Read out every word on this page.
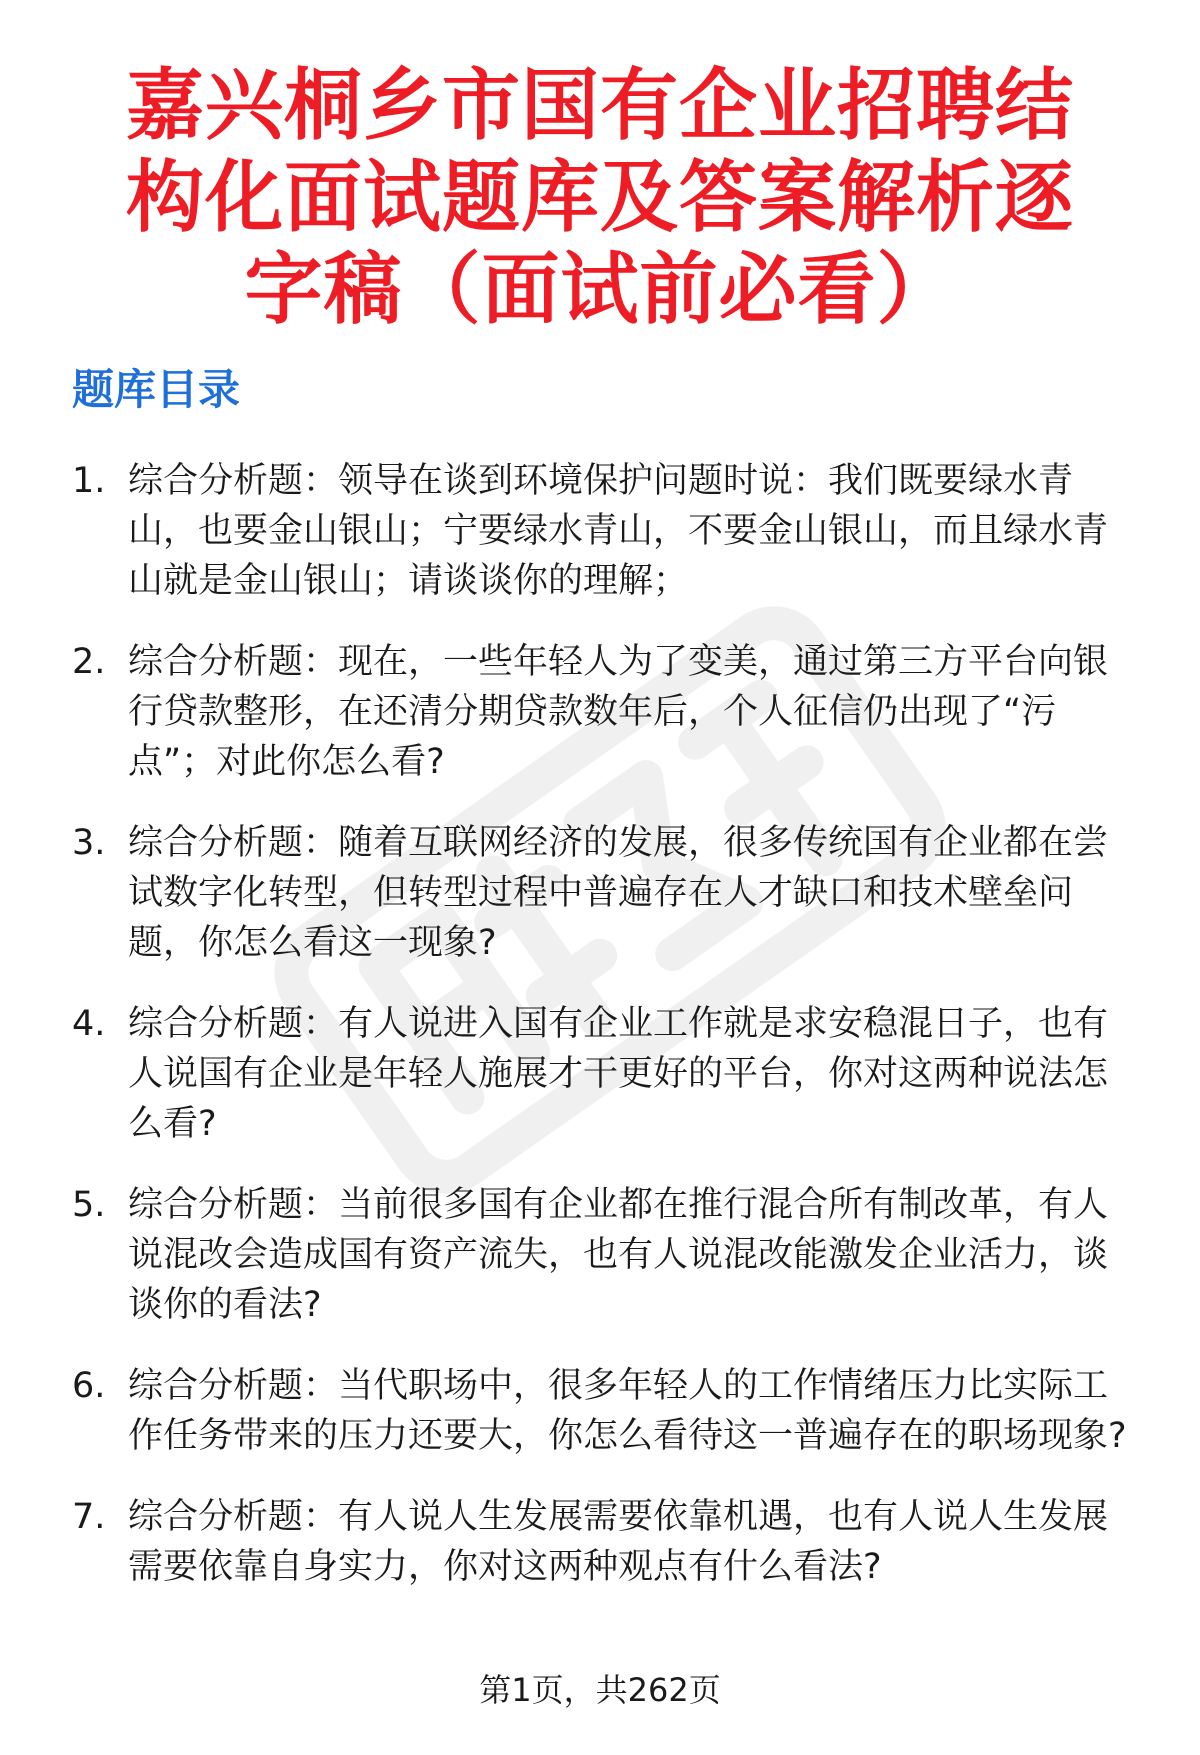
嘉兴桐乡市国有企业招聘结构化面试题库及答案解析逐字稿（面试前必看）
题库目录
1. 综合分析题：领导在谈到环境保护问题时说：我们既要绿水青山，也要金山银山；宁要绿水青山，不要金山银山，而且绿水青山就是金山银山；请谈谈你的理解；
2. 综合分析题：现在，一些年轻人为了变美，通过第三方平台向银行贷款整形，在还清分期贷款数年后，个人征信仍出现了“污点”；对此你怎么看?
3. 综合分析题：随着互联网经济的发展，很多传统国有企业都在尝试数字化转型，但转型过程中普遍存在人才缺口和技术壁垒问题，你怎么看这一现象?
4. 综合分析题：有人说进入国有企业工作就是求安稳混日子，也有人说国有企业是年轻人施展才干更好的平台，你对这两种说法怎么看?
5. 综合分析题：当前很多国有企业都在推行混合所有制改革，有人说混改会造成国有资产流失，也有人说混改能激发企业活力，谈谈你的看法?
6. 综合分析题：当代职场中，很多年轻人的工作情绪压力比实际工作任务带来的压力还要大，你怎么看待这一普遍存在的职场现象?
7. 综合分析题：有人说人生发展需要依靠机遇，也有人说人生发展需要依靠自身实力，你对这两种观点有什么看法?
第1页，共262页
